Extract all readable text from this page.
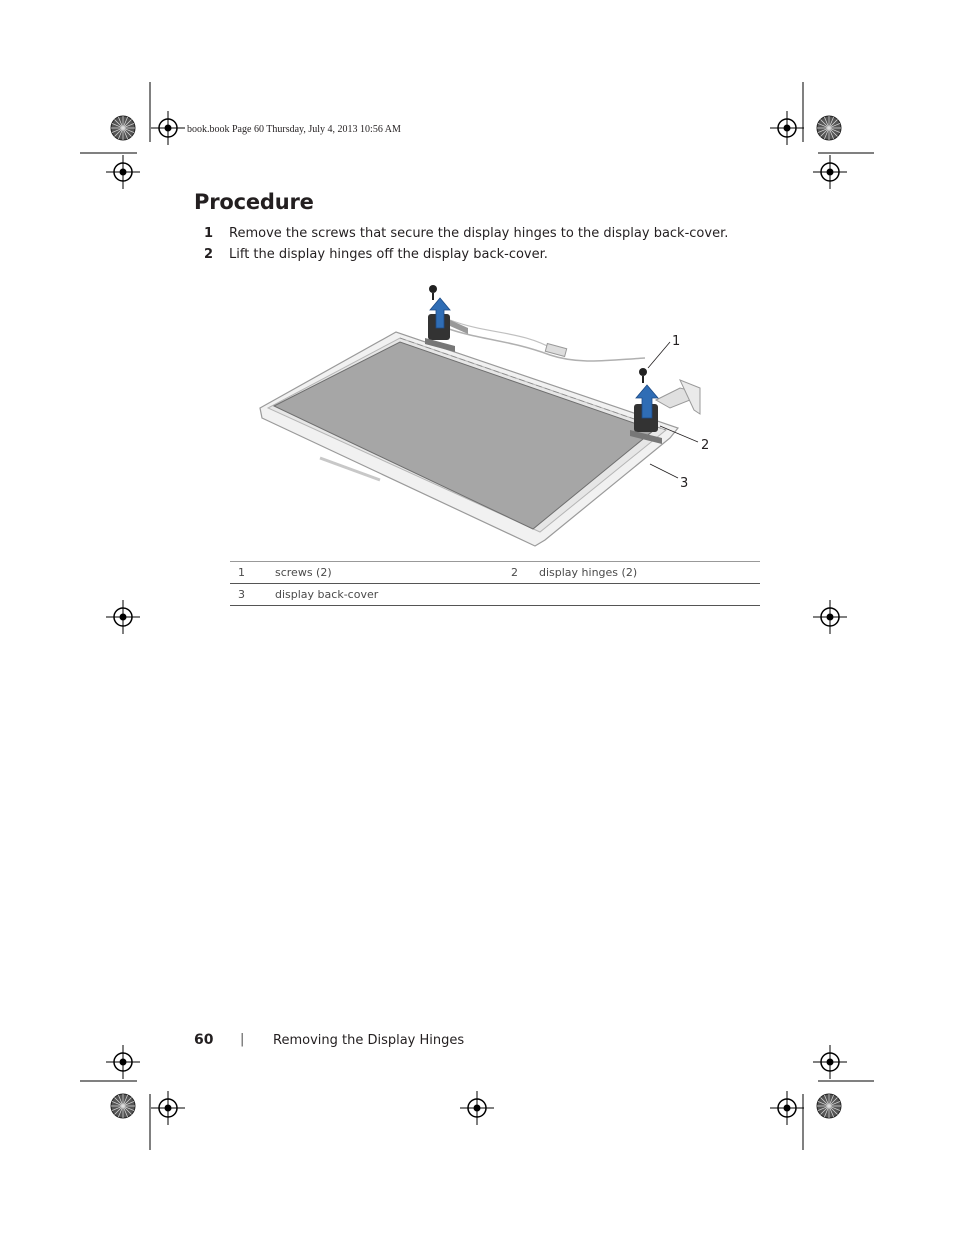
book.book Page 60 Thursday, July 4, 2013 10:56 AM
Procedure
1 Remove the screws that secure the display hinges to the display back-cover.
2 Lift the display hinges off the display back-cover.
1
2
3
1	screws (2)	2	display hinges (2)
3	display back-cover		
60 | Removing the Display Hinges
